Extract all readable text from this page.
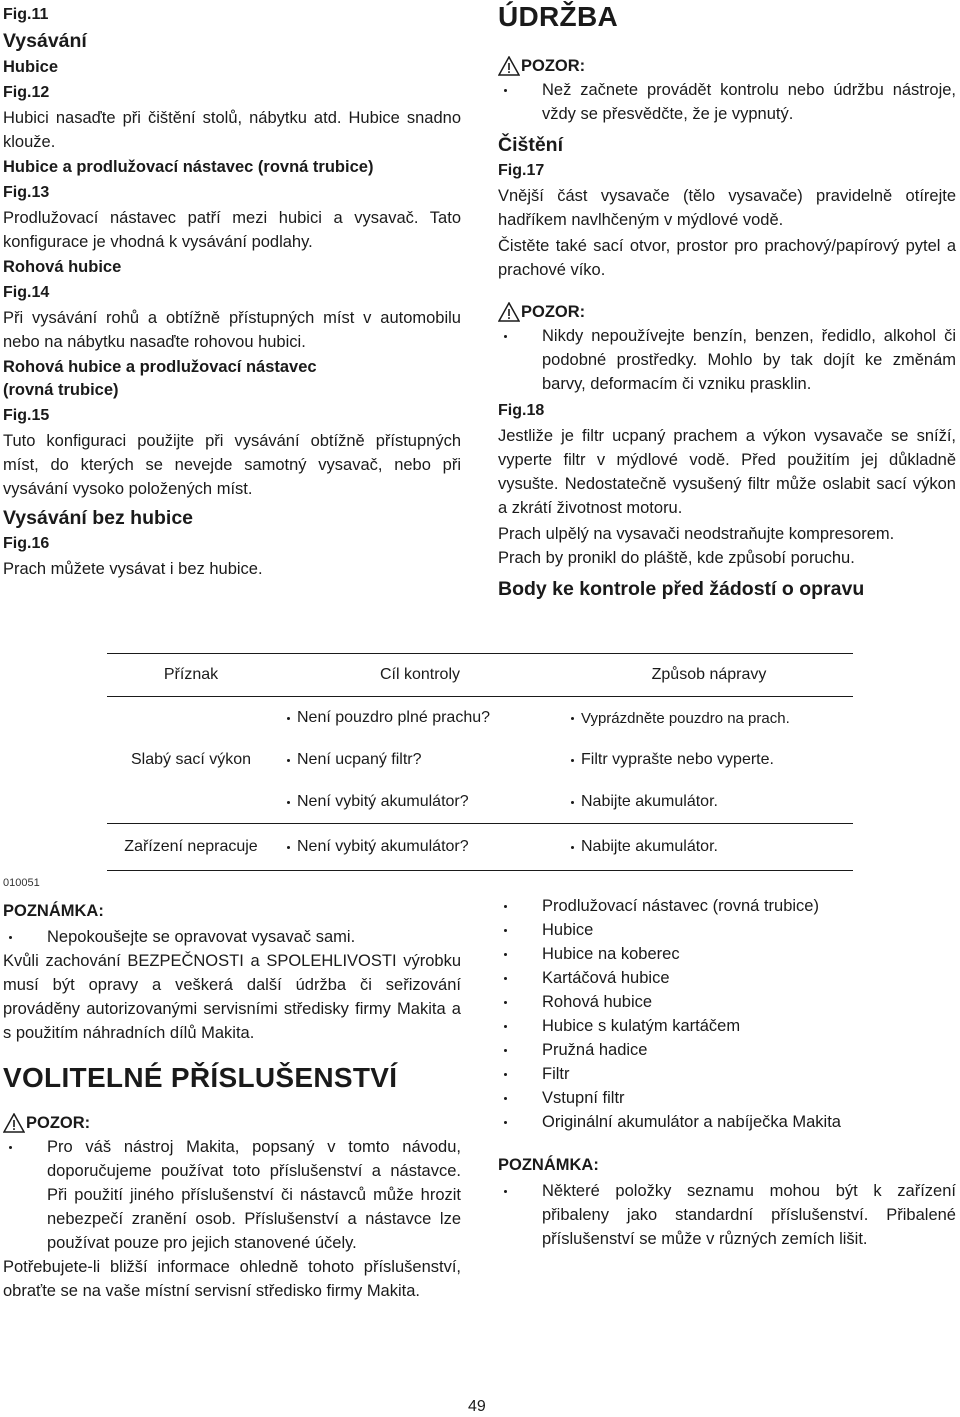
Fig.11
Vysávání
Hubice
Fig.12
Hubici nasaďte při čištění stolů, nábytku atd. Hubice snadno klouže.
Hubice a prodlužovací nástavec (rovná trubice)
Fig.13
Prodlužovací nástavec patří mezi hubici a vysavač. Tato konfigurace je vhodná k vysávání podlahy.
Rohová hubice
Fig.14
Při vysávání rohů a obtížně přístupných míst v automobilu nebo na nábytku nasaďte rohovou hubici.
Rohová hubice a prodlužovací nástavec
(rovná trubice)
Fig.15
Tuto konfiguraci použijte při vysávání obtížně přístupných míst, do kterých se nevejde samotný vysavač, nebo při vysávání vysoko položených míst.
Vysávání bez hubice
Fig.16
Prach můžete vysávat i bez hubice.
ÚDRŽBA
POZOR:
Než začnete provádět kontrolu nebo údržbu nástroje, vždy se přesvědčte, že je vypnutý.
Čištění
Fig.17
Vnější část vysavače (tělo vysavače) pravidelně otírejte hadříkem navlhčeným v mýdlové vodě.
Čistěte také sací otvor, prostor pro prachový/papírový pytel a prachové víko.
POZOR:
Nikdy nepoužívejte benzín, benzen, ředidlo, alkohol či podobné prostředky. Mohlo by tak dojít ke změnám barvy, deformacím či vzniku prasklin.
Fig.18
Jestliže je filtr ucpaný prachem a výkon vysavače se sníží, vyperte filtr v mýdlové vodě. Před použitím jej důkladně vysušte. Nedostatečně vysušený filtr může oslabit sací výkon a zkrátí životnost motoru.
Prach ulpělý na vysavači neodstraňujte kompresorem.
Prach by pronikl do pláště, kde způsobí poruchu.
Body ke kontrole před žádostí o opravu
Příznak	Cíl kontroly	Způsob nápravy
Slabý sací výkon	Není pouzdro plné prachu?	Vyprázdněte pouzdro na prach.

	Není ucpaný filtr?	Filtr vyprašte nebo vyperte.

	Není vybitý akumulátor?	Nabijte akumulátor.

Zařízení nepracuje	Není vybitý akumulátor?	Nabijte akumulátor.
010051
POZNÁMKA:
Nepokoušejte se opravovat vysavač sami.
Kvůli zachování BEZPEČNOSTI a SPOLEHLIVOSTI výrobku musí být opravy a veškerá další údržba či seřizování prováděny autorizovanými servisními středisky firmy Makita a s použitím náhradních dílů Makita.
VOLITELNÉ PŘÍSLUŠENSTVÍ
POZOR:
Pro váš nástroj Makita, popsaný v tomto návodu, doporučujeme používat toto příslušenství a nástavce. Při použití jiného příslušenství či nástavců může hrozit nebezpečí zranění osob. Příslušenství a nástavce lze používat pouze pro jejich stanovené účely.
Potřebujete-li bližší informace ohledně tohoto příslušenství, obraťte se na vaše místní servisní středisko firmy Makita.
Prodlužovací nástavec (rovná trubice)
Hubice
Hubice na koberec
Kartáčová hubice
Rohová hubice
Hubice s kulatým kartáčem
Pružná hadice
Filtr
Vstupní filtr
Originální akumulátor a nabíječka Makita
POZNÁMKA:
Některé položky seznamu mohou být k zařízení přibaleny jako standardní příslušenství. Přibalené příslušenství se může v různých zemích lišit.
49
